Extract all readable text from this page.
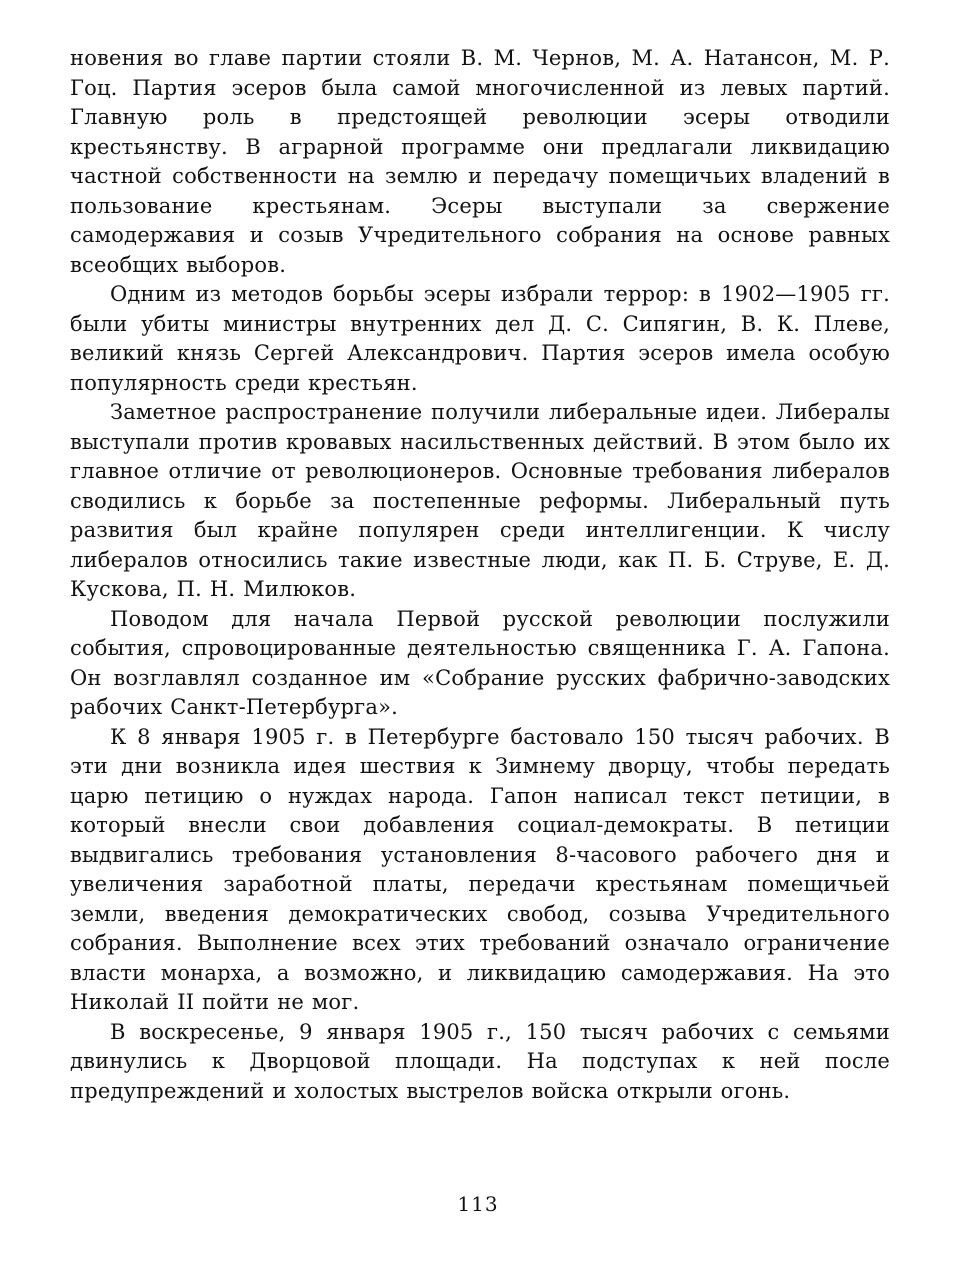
новения во главе партии стояли В. М. Чернов, М. А. Натансон, М. Р. Гоц. Партия эсеров была самой многочисленной из левых партий. Главную роль в предстоящей революции эсеры отводили крестьянству. В аграрной программе они предлагали ликвидацию частной собственности на землю и передачу помещичьих владений в пользование крестьянам. Эсеры выступали за свержение самодержавия и созыв Учредительного собрания на основе равных всеобщих выборов.

Одним из методов борьбы эсеры избрали террор: в 1902—1905 гг. были убиты министры внутренних дел Д. С. Сипягин, В. К. Плеве, великий князь Сергей Александрович. Партия эсеров имела особую популярность среди крестьян.

Заметное распространение получили либеральные идеи. Либералы выступали против кровавых насильственных действий. В этом было их главное отличие от революционеров. Основные требования либералов сводились к борьбе за постепенные реформы. Либеральный путь развития был крайне популярен среди интеллигенции. К числу либералов относились такие известные люди, как П. Б. Струве, Е. Д. Кускова, П. Н. Милюков.

Поводом для начала Первой русской революции послужили события, спровоцированные деятельностью священника Г. А. Гапона. Он возглавлял созданное им «Собрание русских фабрично-заводских рабочих Санкт-Петербурга».

К 8 января 1905 г. в Петербурге бастовало 150 тысяч рабочих. В эти дни возникла идея шествия к Зимнему дворцу, чтобы передать царю петицию о нуждах народа. Гапон написал текст петиции, в который внесли свои добавления социал-демократы. В петиции выдвигались требования установления 8-часового рабочего дня и увеличения заработной платы, передачи крестьянам помещичьей земли, введения демократических свобод, созыва Учредительного собрания. Выполнение всех этих требований означало ограничение власти монарха, а возможно, и ликвидацию самодержавия. На это Николай II пойти не мог.

В воскресенье, 9 января 1905 г., 150 тысяч рабочих с семьями двинулись к Дворцовой площади. На подступах к ней после предупреждений и холостых выстрелов войска открыли огонь.

113
